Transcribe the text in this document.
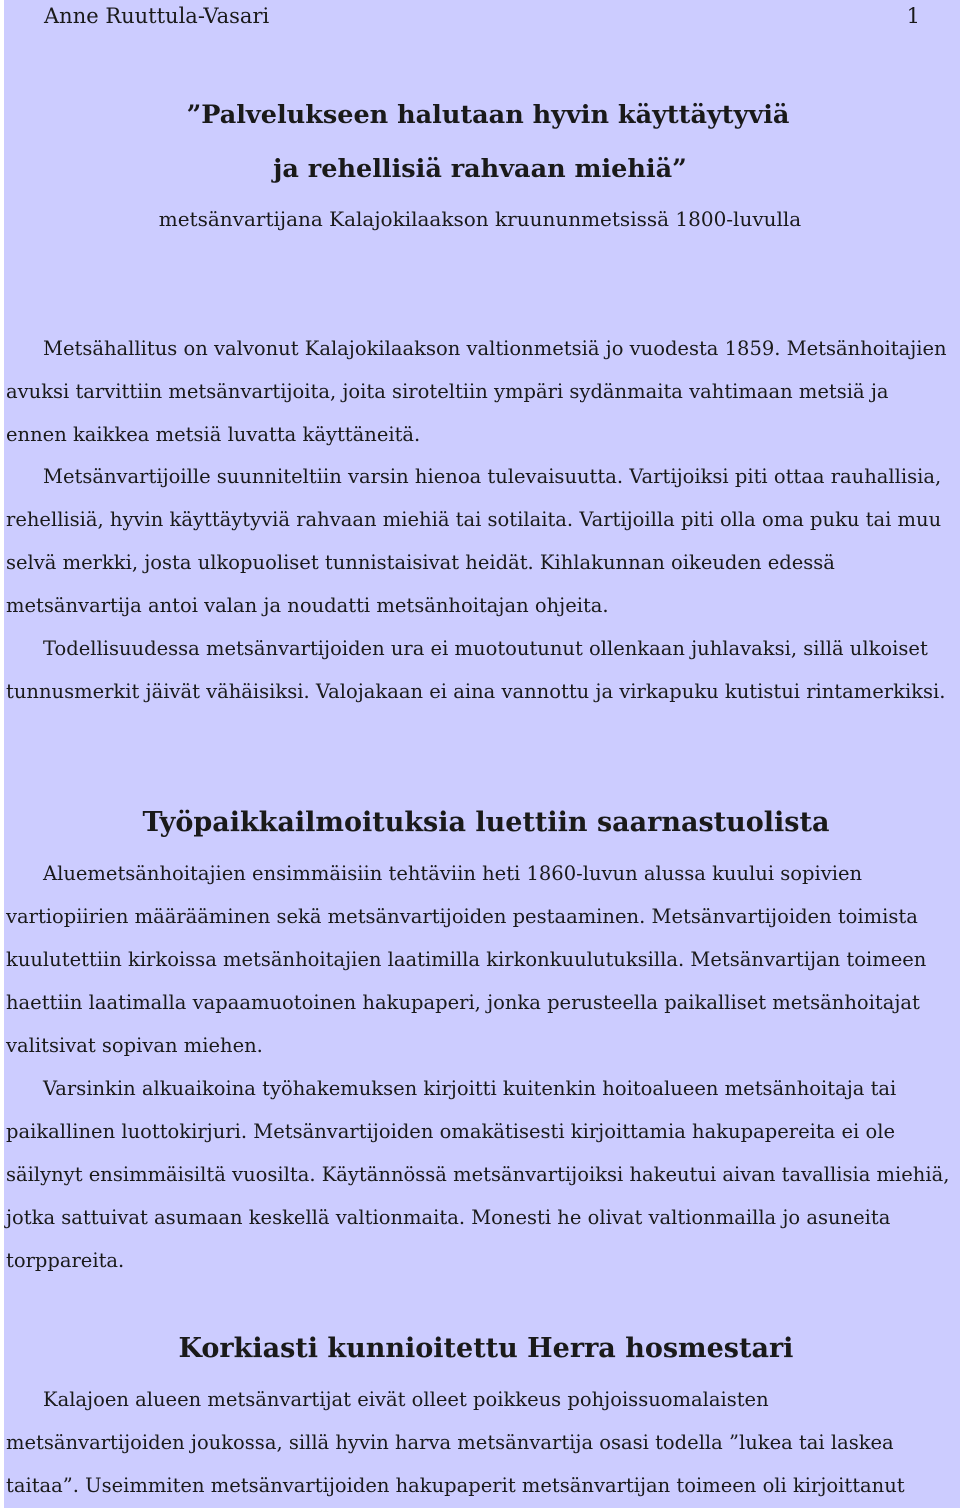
Anne Ruuttula-Vasari	1
”Palvelukseen halutaan hyvin käyttäytyviä
ja rehellisiä rahvaan miehiä”
metsänvartijana Kalajokilaakson kruununmetsissä 1800-luvulla

Metsähallitus on valvonut Kalajokilaakson valtionmetsiä jo vuodesta 1859. Metsänhoitajien avuksi tarvittiin metsänvartijoita, joita siroteltiin ympäri sydänmaita vahtimaan metsiä ja ennen kaikkea metsiä luvatta käyttäneitä.

Metsänvartijoille suunniteltiin varsin hienoa tulevaisuutta. Vartijoiksi piti ottaa rauhallisia, rehellisiä, hyvin käyttäytyviä rahvaan miehiä tai sotilaita. Vartijoilla piti olla oma puku tai muu selvä merkki, josta ulkopuoliset tunnistaisivat heidät. Kihlakunnan oikeuden edessä metsänvartija antoi valan ja noudatti metsänhoitajan ohjeita.

Todellisuudessa metsänvartijoiden ura ei muotoutunut ollenkaan juhlavaksi, sillä ulkoiset tunnusmerkit jäivät vähäisiksi. Valojakaan ei aina vannottu ja virkapuku kutistui rintamerkiksi.

Työpaikkailmoituksia luettiin saarnastuolista

Aluemetsänhoitajien ensimmäisiin tehtäviin heti 1860-luvun alussa kuului sopivien vartiopiirien määrääminen sekä metsänvartijoiden pestaaminen. Metsänvartijoiden toimista kuulutettiin kirkoissa metsänhoitajien laatimilla kirkonkuulutuksilla. Metsänvartijan toimeen haettiin laatimalla vapaamuotoinen hakupaperi, jonka perusteella paikalliset metsänhoitajat valitsivat sopivan miehen.

Varsinkin alkuaikoina työhakemuksen kirjoitti kuitenkin hoitoalueen metsänhoitaja tai paikallinen luottokirjuri. Metsänvartijoiden omakätisesti kirjoittamia hakupapereita ei ole säilynyt ensimmäisiltä vuosilta. Käytännössä metsänvartijoiksi hakeutui aivan tavallisia miehiä, jotka sattuivat asumaan keskellä valtionmaita. Monesti he olivat valtionmailla jo asuneita torppareita.

Korkiasti kunnioitettu Herra hosmestari

Kalajoen alueen metsänvartijat eivät olleet poikkeus pohjoissuomalaisten metsänvartijoiden joukossa, sillä hyvin harva metsänvartija osasi todella ”lukea tai laskea taitaa”. Useimmiten metsänvartijoiden hakupaperit metsänvartijan toimeen oli kirjoittanut
